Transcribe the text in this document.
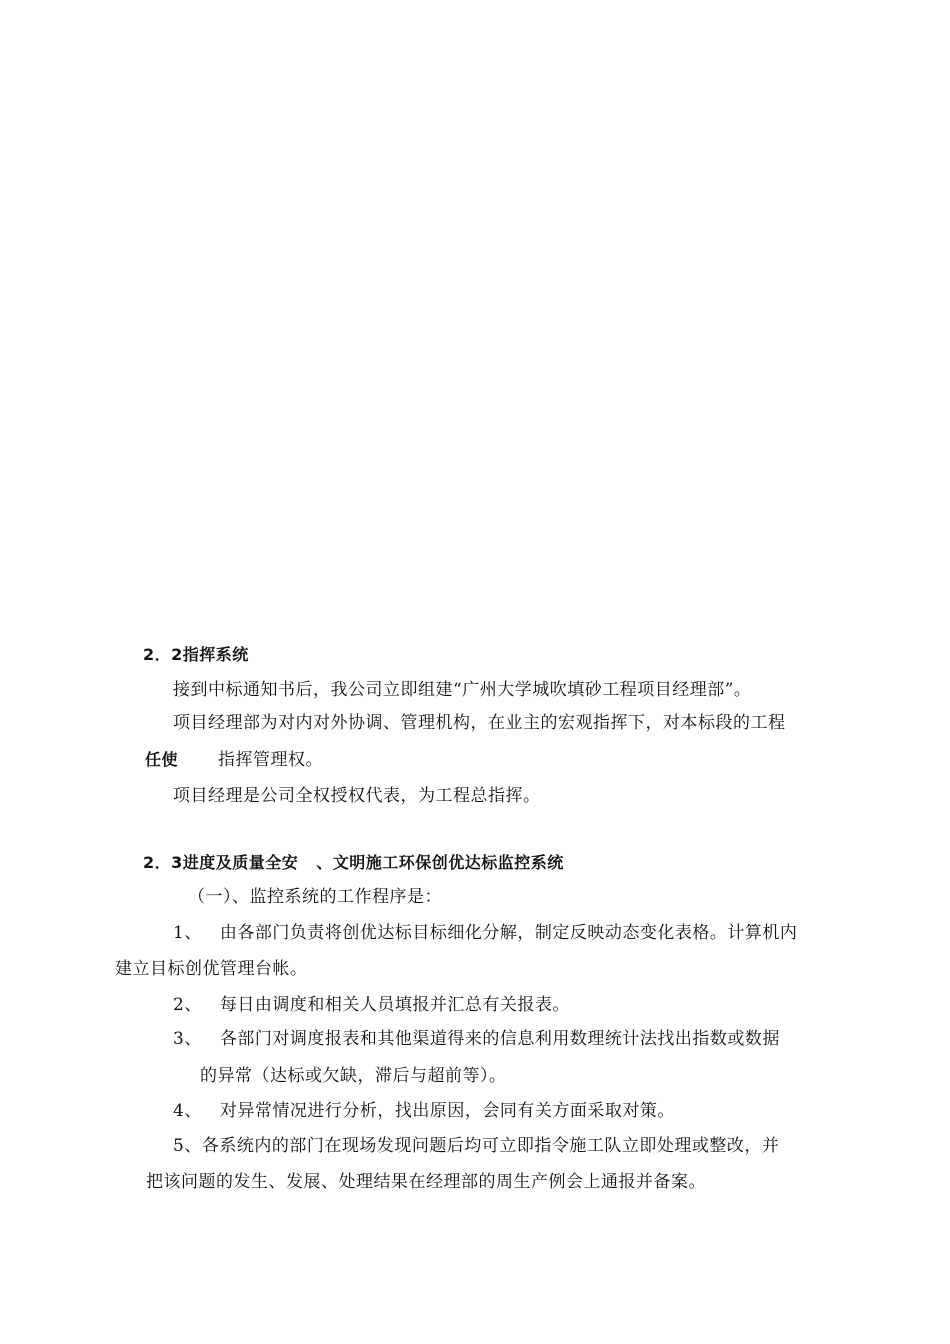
2．2指挥系统
接到中标通知书后，我公司立即组建“广州大学城吹填砂工程项目经理部”。
项目经理部为对内对外协调、管理机构，在业主的宏观指挥下，对本标段的工程
任使 指挥管理权。
项目经理是公司全权授权代表，为工程总指挥。
2．3进度及质量全安 、文明施工环保创优达标监控系统
（一）、监控系统的工作程序是：
1、 由各部门负责将创优达标目标细化分解，制定反映动态变化表格。计算机内
建立目标创优管理台帐。
2、 每日由调度和相关人员填报并汇总有关报表。
3、 各部门对调度报表和其他渠道得来的信息利用数理统计法找出指数或数据
的异常（达标或欠缺，滞后与超前等）。
4、 对异常情况进行分析，找出原因，会同有关方面采取对策。
5、各系统内的部门在现场发现问题后均可立即指令施工队立即处理或整改，并
把该问题的发生、发展、处理结果在经理部的周生产例会上通报并备案。
